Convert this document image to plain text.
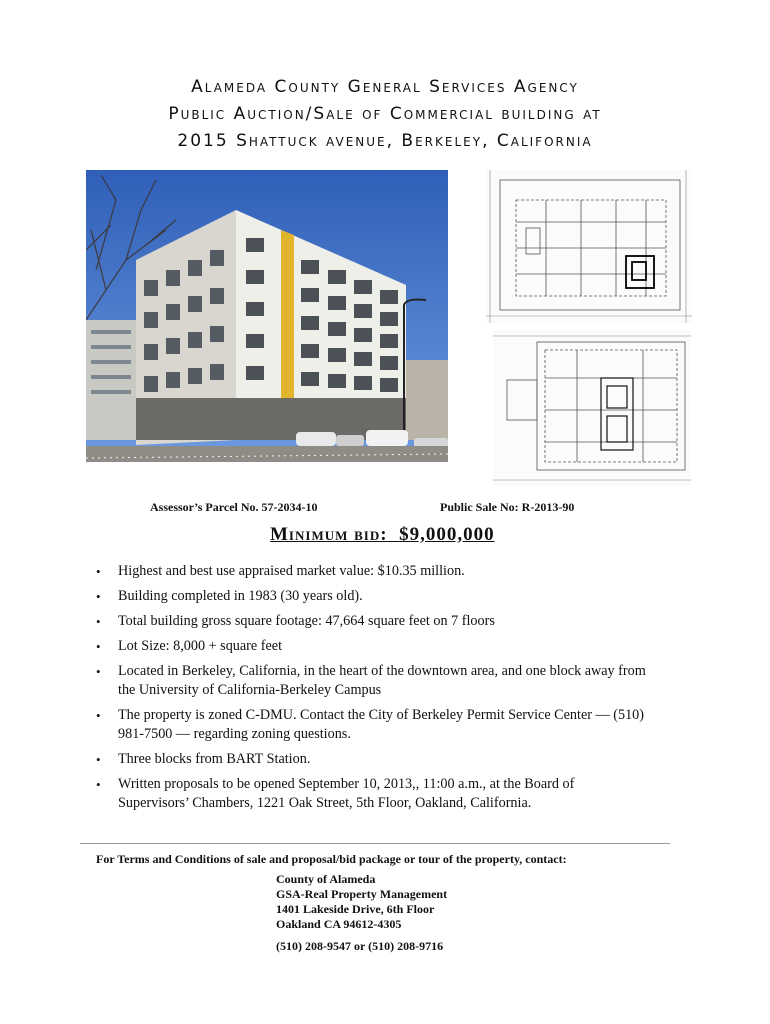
Alameda County General Services Agency
Public Auction/Sale of Commercial building at
2015 Shattuck avenue, Berkeley, California
Assessor’s Parcel No. 57-2034-10	Public Sale No: R-2013-90
Minimum bid: $9,000,000
• Highest and best use appraised market value: $10.35 million.
• Building completed in 1983 (30 years old).
• Total building gross square footage: 47,664 square feet on 7 floors
• Lot Size: 8,000 + square feet
• Located in Berkeley, California, in the heart of the downtown area, and one block away from
the University of California-Berkeley Campus
• The property is zoned C-DMU. Contact the City of Berkeley Permit Service Center — (510)
981-7500 — regarding zoning questions.
• Three blocks from BART Station.
• Written proposals to be opened September 10, 2013,, 11:00 a.m., at the Board of
Supervisors’ Chambers, 1221 Oak Street, 5th Floor, Oakland, California.
For Terms and Conditions of sale and proposal/bid package or tour of the property, contact:
County of Alameda
GSA-Real Property Management
1401 Lakeside Drive, 6th Floor
Oakland CA 94612-4305
(510) 208-9547 or (510) 208-9716
